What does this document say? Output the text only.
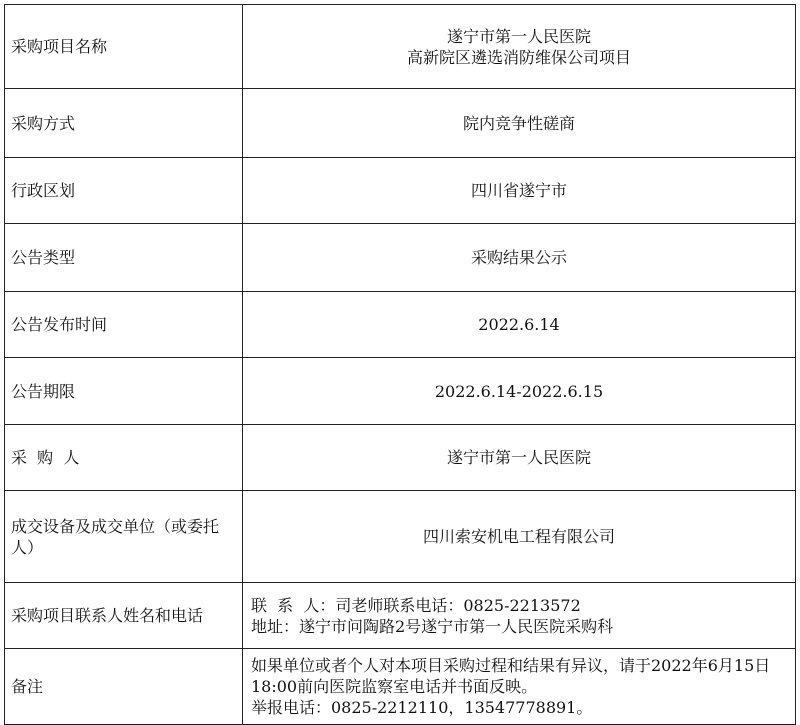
采购项目名称	遂宁市第一人民医院
高新院区遴选消防维保公司项目

采购方式	院内竞争性磋商
行政区划	四川省遂宁市
公告类型	采购结果公示
公告发布时间	2022.6.14
公告期限	2022.6.14-2022.6.15
采  购  人	遂宁市第一人民医院
成交设备及成交单位（或委托人）	四川索安机电工程有限公司
采购项目联系人姓名和电话	联  系  人：司老师联系电话：0825-2213572
地址：遂宁市问陶路2号遂宁市第一人民医院采购科

备注	如果单位或者个人对本项目采购过程和结果有异议，请于2022年6月15日18:00前向医院监察室电话并书面反映。
举报电话：0825-2212110，13547778891。
